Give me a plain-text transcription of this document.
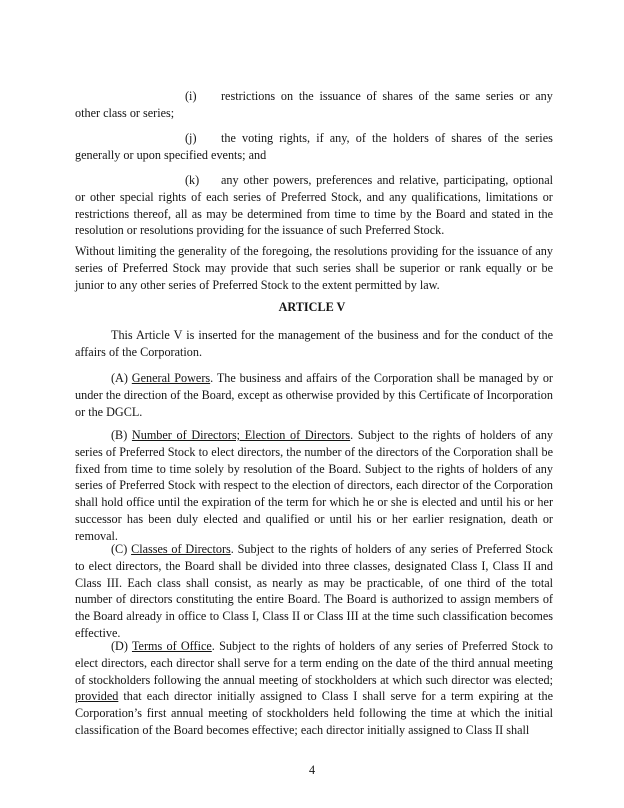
(i) restrictions on the issuance of shares of the same series or any
other class or series;
(j) the voting rights, if any, of the holders of shares of the series
generally or upon specified events; and
(k) any other powers, preferences and relative, participating, optional
or other special rights of each series of Preferred Stock, and any qualifications, limitations or
restrictions thereof, all as may be determined from time to time by the Board and stated in the
resolution or resolutions providing for the issuance of such Preferred Stock.
Without limiting the generality of the foregoing, the resolutions providing for the issuance of any series of Preferred Stock may provide that such series shall be superior or rank equally or be junior to any other series of Preferred Stock to the extent permitted by law.
ARTICLE V
This Article V is inserted for the management of the business and for the conduct of the affairs of the Corporation.
(A) General Powers. The business and affairs of the Corporation shall be managed by or under the direction of the Board, except as otherwise provided by this Certificate of Incorporation or the DGCL.
(B) Number of Directors; Election of Directors. Subject to the rights of holders of any series of Preferred Stock to elect directors, the number of the directors of the Corporation shall be fixed from time to time solely by resolution of the Board. Subject to the rights of holders of any series of Preferred Stock with respect to the election of directors, each director of the Corporation shall hold office until the expiration of the term for which he or she is elected and until his or her successor has been duly elected and qualified or until his or her earlier resignation, death or removal.
(C) Classes of Directors. Subject to the rights of holders of any series of Preferred Stock to elect directors, the Board shall be divided into three classes, designated Class I, Class II and Class III. Each class shall consist, as nearly as may be practicable, of one third of the total number of directors constituting the entire Board. The Board is authorized to assign members of the Board already in office to Class I, Class II or Class III at the time such classification becomes effective.
(D) Terms of Office. Subject to the rights of holders of any series of Preferred Stock to elect directors, each director shall serve for a term ending on the date of the third annual meeting of stockholders following the annual meeting of stockholders at which such director was elected; provided that each director initially assigned to Class I shall serve for a term expiring at the Corporation’s first annual meeting of stockholders held following the time at which the initial classification of the Board becomes effective; each director initially assigned to Class II shall
4
